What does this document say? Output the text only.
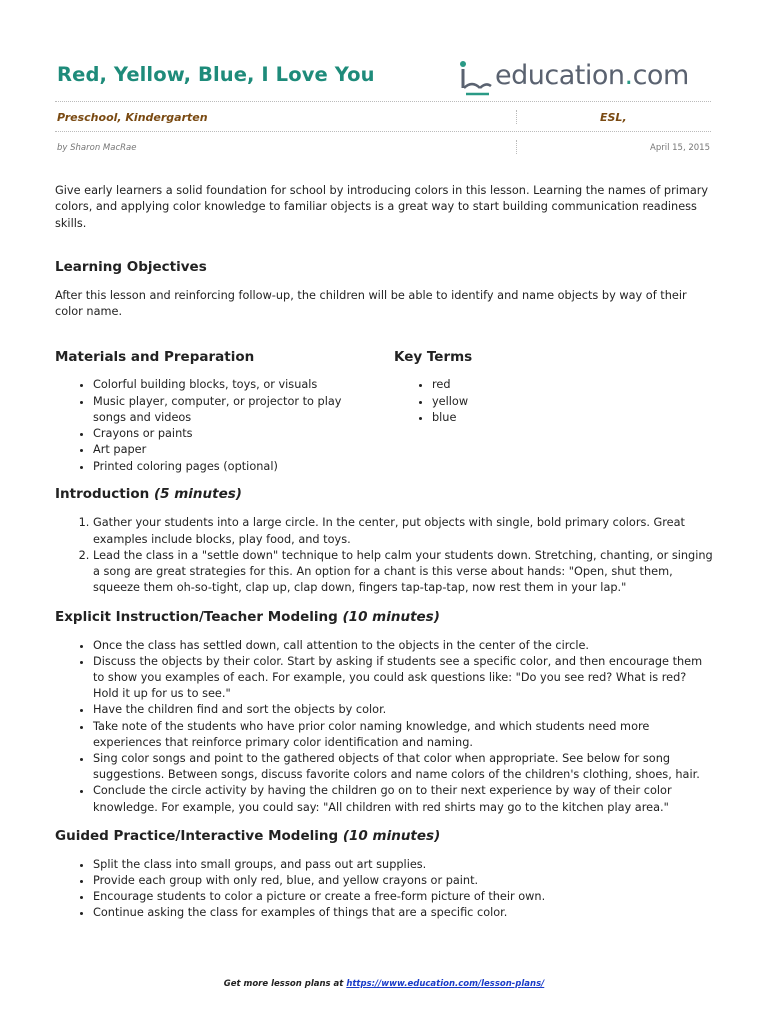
Red, Yellow, Blue, I Love You	education.com
Preschool, Kindergarten	ESL,
by Sharon MacRae	April 15, 2015

Give early learners a solid foundation for school by introducing colors in this lesson. Learning the names of primary colors, and applying color knowledge to familiar objects is a great way to start building communication readiness skills.

Learning Objectives

After this lesson and reinforcing follow-up, the children will be able to identify and name objects by way of their color name.

Materials and Preparation
• Colorful building blocks, toys, or visuals
• Music player, computer, or projector to play songs and videos
• Crayons or paints
• Art paper
• Printed coloring pages (optional)
Key Terms
• red
• yellow
• blue
Introduction (5 minutes)
1. Gather your students into a large circle. In the center, put objects with single, bold primary colors. Great examples include blocks, play food, and toys.
2. Lead the class in a "settle down" technique to help calm your students down. Stretching, chanting, or singing a song are great strategies for this. An option for a chant is this verse about hands: "Open, shut them, squeeze them oh-so-tight, clap up, clap down, fingers tap-tap-tap, now rest them in your lap."
Explicit Instruction/Teacher Modeling (10 minutes)
• Once the class has settled down, call attention to the objects in the center of the circle.
• Discuss the objects by their color. Start by asking if students see a specific color, and then encourage them to show you examples of each. For example, you could ask questions like: "Do you see red? What is red? Hold it up for us to see."
• Have the children find and sort the objects by color.
• Take note of the students who have prior color naming knowledge, and which students need more experiences that reinforce primary color identification and naming.
• Sing color songs and point to the gathered objects of that color when appropriate. See below for song suggestions. Between songs, discuss favorite colors and name colors of the children's clothing, shoes, hair.
• Conclude the circle activity by having the children go on to their next experience by way of their color knowledge. For example, you could say: "All children with red shirts may go to the kitchen play area."
Guided Practice/Interactive Modeling (10 minutes)
• Split the class into small groups, and pass out art supplies.
• Provide each group with only red, blue, and yellow crayons or paint.
• Encourage students to color a picture or create a free-form picture of their own.
• Continue asking the class for examples of things that are a specific color.
Get more lesson plans at https://www.education.com/lesson-plans/
